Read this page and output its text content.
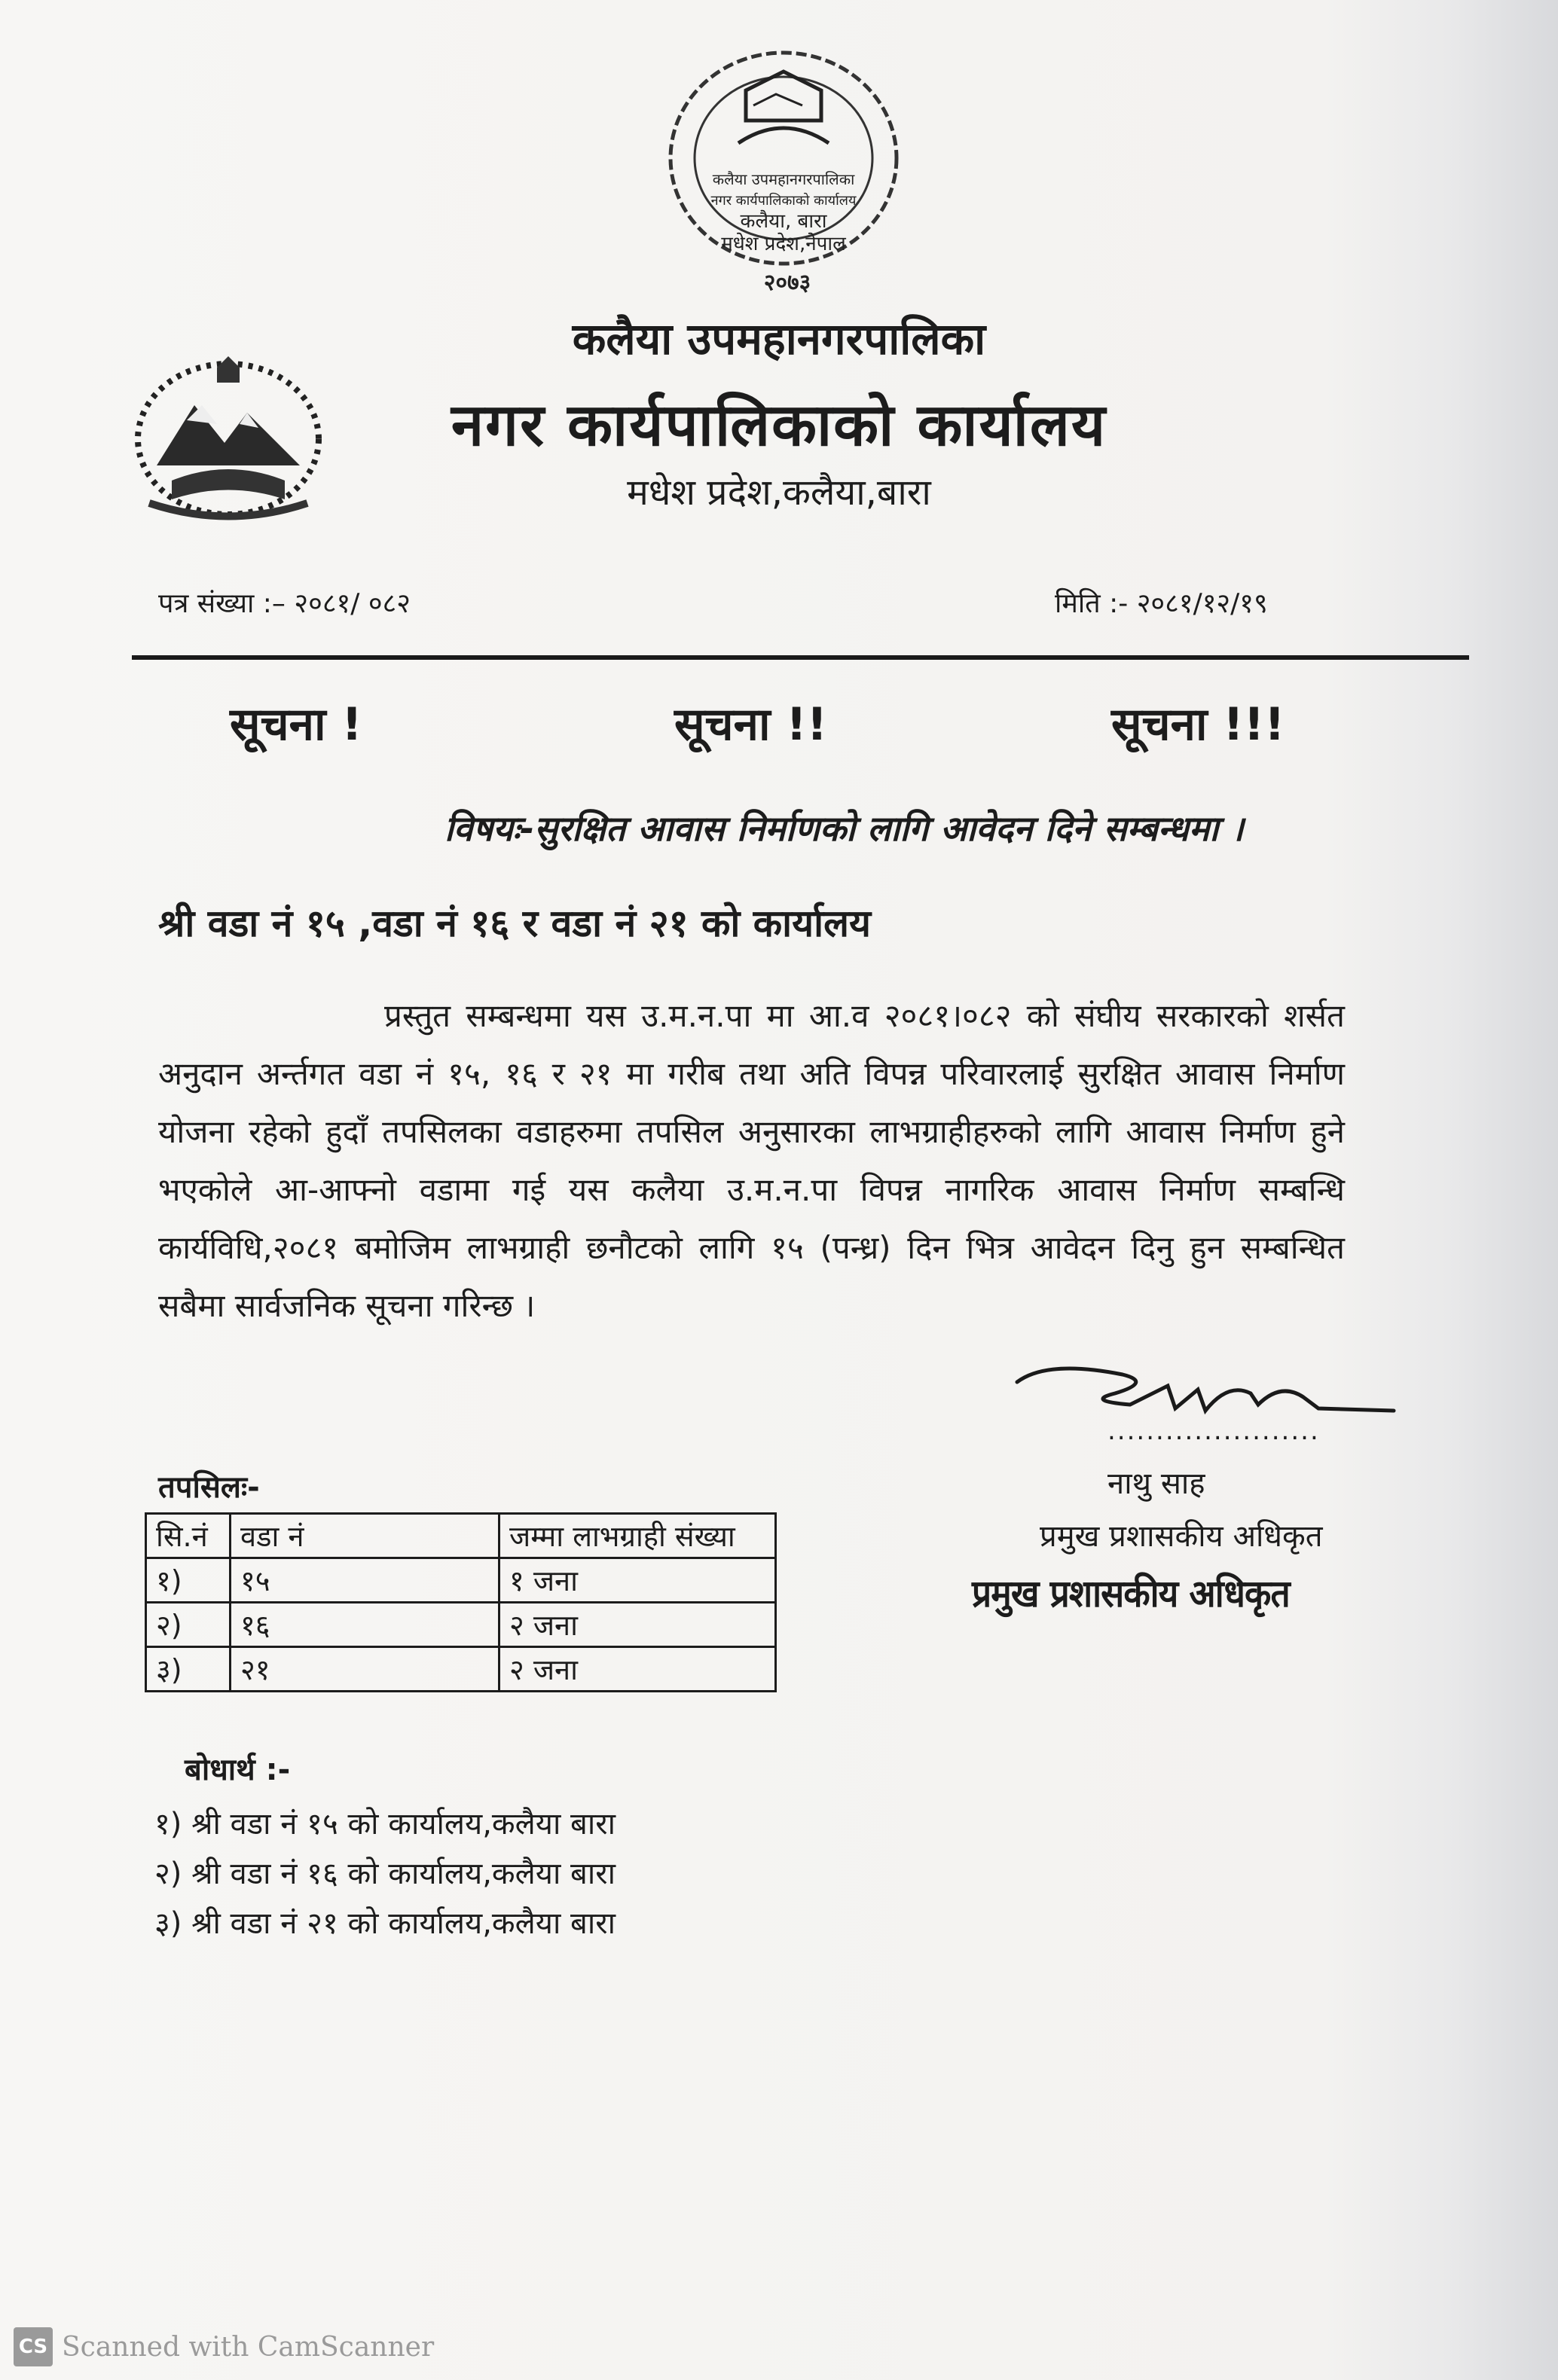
कलैया उपमहानगरपालिका
नगर कार्यपालिकाको कार्यालय
कलैया, बारा
मधेश प्रदेश,नेपाल
२०७३
कलैया उपमहानगरपालिका
नगर कार्यपालिकाको कार्यालय
मधेश प्रदेश,कलैया,बारा
पत्र संख्या :– २०८१/ ०८२	मिति :- २०८१/१२/१९
सूचना !	सूचना !!	सूचना !!!
विषयः-सुरक्षित आवास निर्माणको लागि आवेदन दिने सम्बन्धमा ।
श्री वडा नं १५ ,वडा नं १६ र वडा नं २१ को कार्यालय
प्रस्तुत सम्बन्धमा यस उ.म.न.पा मा आ.व २०८१।०८२ को संघीय सरकारको शर्सत अनुदान अर्न्तगत वडा नं १५, १६ र २१ मा गरीब तथा अति विपन्न परिवारलाई सुरक्षित आवास निर्माण योजना रहेको हुदाँ तपसिलका वडाहरुमा तपसिल अनुसारका लाभग्राहीहरुको लागि आवास निर्माण हुने भएकोले आ-आफ्नो वडामा गई यस कलैया उ.म.न.पा विपन्न नागरिक आवास निर्माण सम्बन्धि कार्यविधि,२०८१ बमोजिम लाभग्राही छनौटको लागि १५ (पन्ध्र) दिन भित्र आवेदन दिनु हुन सम्बन्धित सबैमा सार्वजनिक सूचना गरिन्छ ।
......................
नाथु साह
प्रमुख प्रशासकीय अधिकृत
प्रमुख प्रशासकीय अधिकृत
तपसिलः-
सि.नं	वडा नं	जम्मा लाभग्राही संख्या
१)	१५	१ जना
२)	१६	२ जना
३)	२१	२ जना
बोधार्थ :-
१) श्री वडा नं १५ को कार्यालय,कलैया बारा
२) श्री वडा नं १६ को कार्यालय,कलैया बारा
३) श्री वडा नं २१ को कार्यालय,कलैया बारा
CS Scanned with CamScanner
